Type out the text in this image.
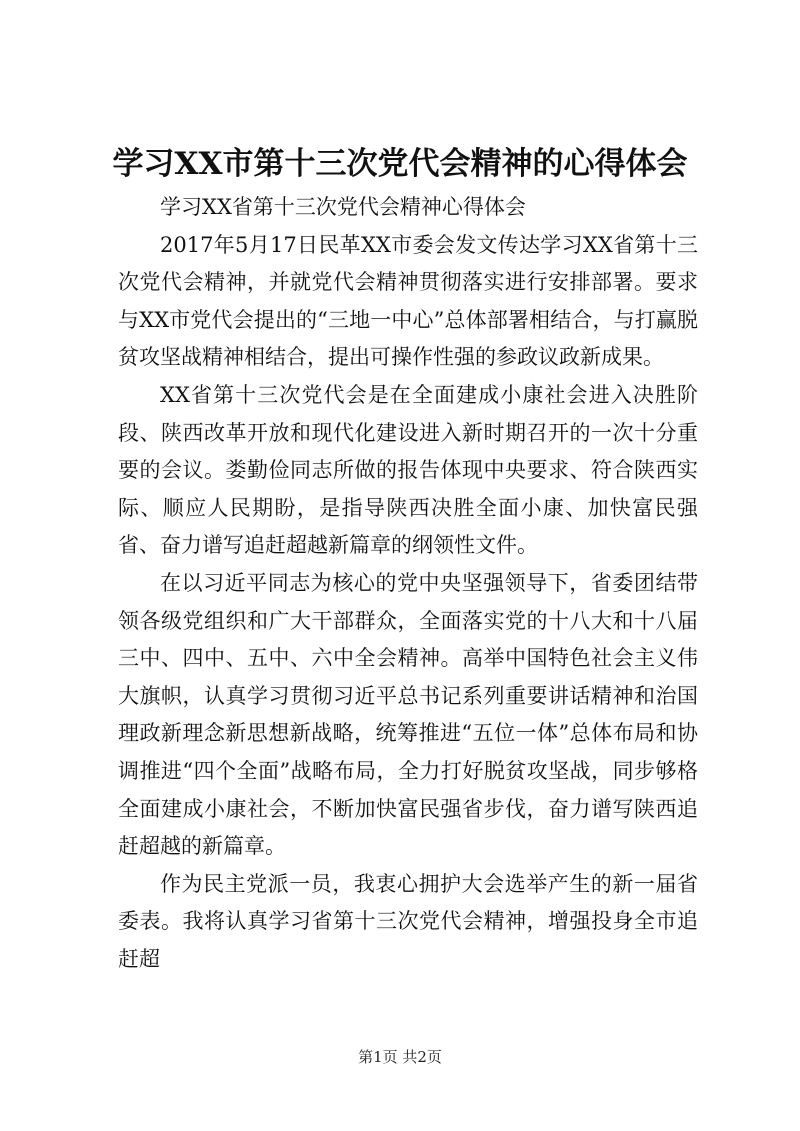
学习XX市第十三次党代会精神的心得体会

学习XX省第十三次党代会精神心得体会

2017年5月17日民革XX市委会发文传达学习XX省第十三次党代会精神，并就党代会精神贯彻落实进行安排部署。要求与XX市党代会提出的“三地一中心”总体部署相结合，与打赢脱贫攻坚战精神相结合，提出可操作性强的参政议政新成果。

XX省第十三次党代会是在全面建成小康社会进入决胜阶段、陕西改革开放和现代化建设进入新时期召开的一次十分重要的会议。娄勤俭同志所做的报告体现中央要求、符合陕西实际、顺应人民期盼，是指导陕西决胜全面小康、加快富民强省、奋力谱写追赶超越新篇章的纲领性文件。

在以习近平同志为核心的党中央坚强领导下，省委团结带领各级党组织和广大干部群众，全面落实党的十八大和十八届三中、四中、五中、六中全会精神。高举中国特色社会主义伟大旗帜，认真学习贯彻习近平总书记系列重要讲话精神和治国理政新理念新思想新战略，统筹推进“五位一体”总体布局和协调推进“四个全面”战略布局，全力打好脱贫攻坚战，同步够格全面建成小康社会，不断加快富民强省步伐，奋力谱写陕西追赶超越的新篇章。

作为民主党派一员，我衷心拥护大会选举产生的新一届省委表。我将认真学习省第十三次党代会精神，增强投身全市追赶超

第1页 共2页
